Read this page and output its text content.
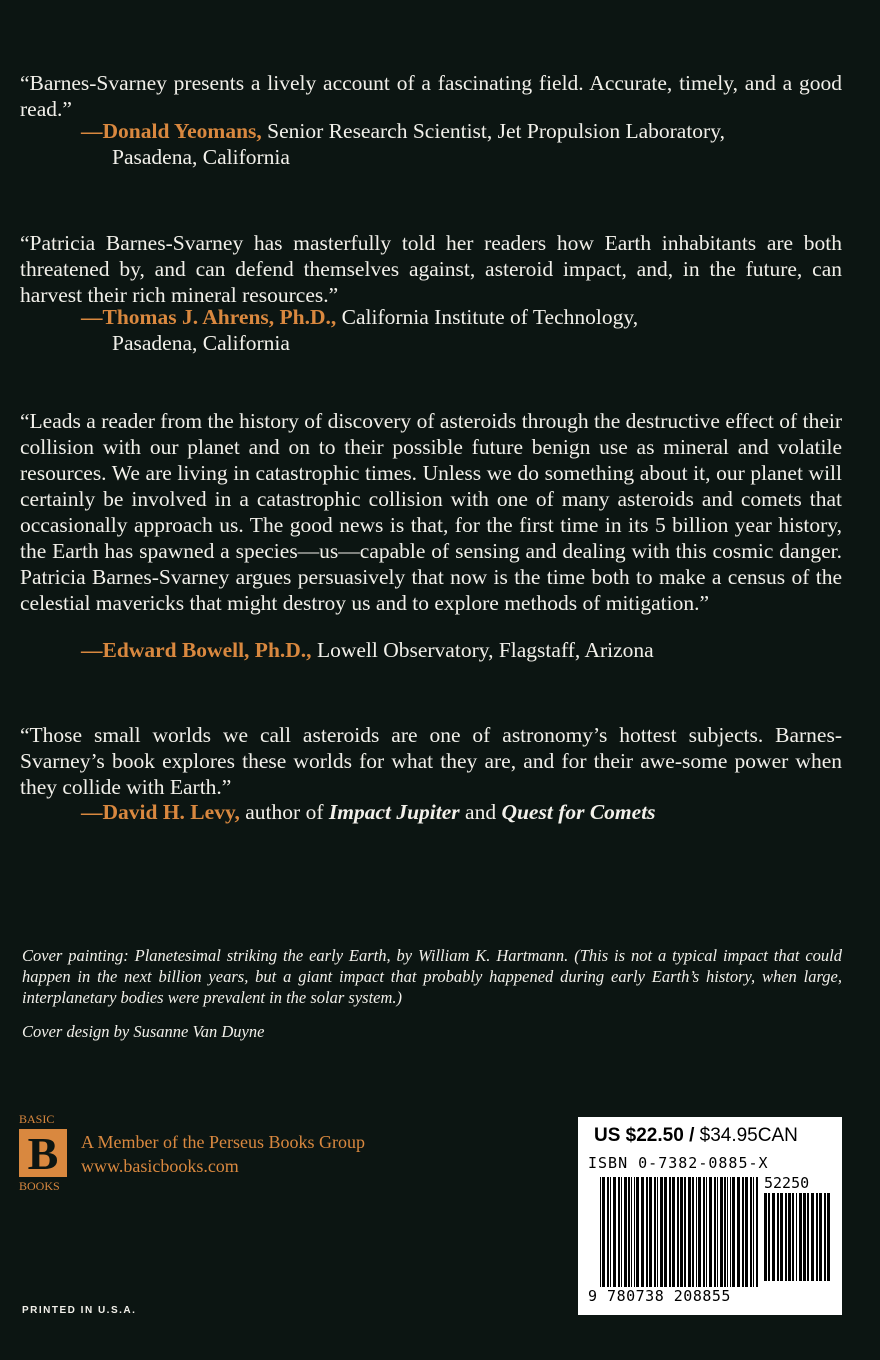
“Barnes-Svarney presents a lively account of a fascinating field. Accurate, timely, and a good read.”
—Donald Yeomans, Senior Research Scientist, Jet Propulsion Laboratory,
Pasadena, California
“Patricia Barnes-Svarney has masterfully told her readers how Earth inhabitants are both threatened by, and can defend themselves against, asteroid impact, and, in the future, can harvest their rich mineral resources.”
—Thomas J. Ahrens, Ph.D., California Institute of Technology,
Pasadena, California
“Leads a reader from the history of discovery of asteroids through the destructive effect of their collision with our planet and on to their possible future benign use as mineral and volatile resources. We are living in catastrophic times. Unless we do something about it, our planet will certainly be involved in a catastrophic collision with one of many asteroids and comets that occasionally approach us. The good news is that, for the first time in its 5 billion year history, the Earth has spawned a species—us—capable of sensing and dealing with this cosmic danger. Patricia Barnes-Svarney argues persuasively that now is the time both to make a census of the celestial mavericks that might destroy us and to explore methods of mitigation.”
—Edward Bowell, Ph.D., Lowell Observatory, Flagstaff, Arizona
“Those small worlds we call asteroids are one of astronomy’s hottest subjects. Barnes-Svarney’s book explores these worlds for what they are, and for their awe-some power when they collide with Earth.”
—David H. Levy, author of Impact Jupiter and Quest for Comets
Cover painting: Planetesimal striking the early Earth, by William K. Hartmann. (This is not a typical impact that could happen in the next billion years, but a giant impact that probably happened during early Earth’s history, when large, interplanetary bodies were prevalent in the solar system.)
Cover design by Susanne Van Duyne
BASIC
B
BOOKS
A Member of the Perseus Books Group
www.basicbooks.com
PRINTED IN U.S.A.
US $22.50 / $34.95CAN
ISBN 0-7382-0885-X
52250
9 780738 208855
